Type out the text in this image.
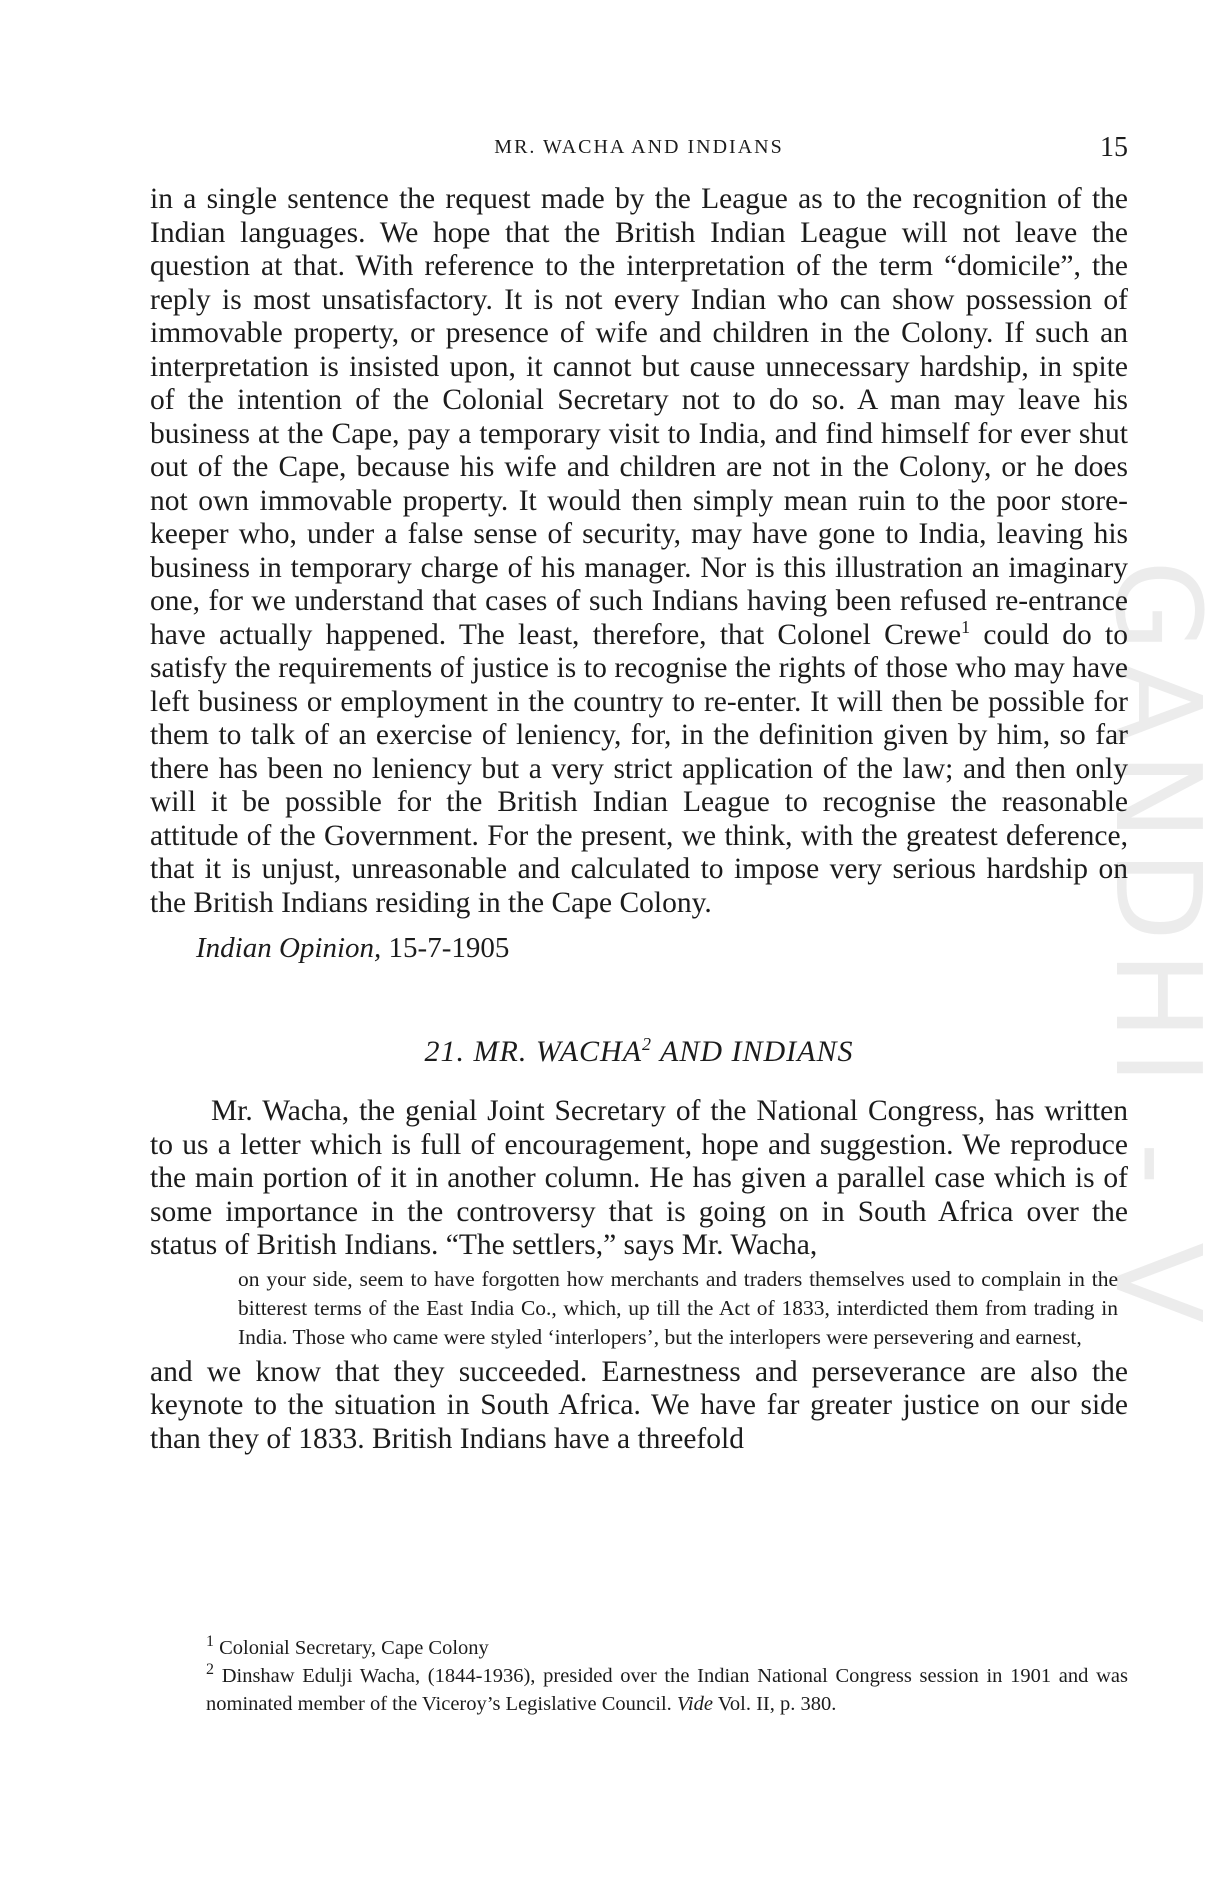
GANDHI - V
MR. WACHA AND INDIANS	15

in a single sentence the request made by the League as to the recognition of the Indian languages. We hope that the British Indian League will not leave the question at that. With reference to the interpretation of the term “domicile”, the reply is most unsatisfactory. It is not every Indian who can show possession of immovable property, or presence of wife and children in the Colony. If such an interpretation is insisted upon, it cannot but cause unnecessary hardship, in spite of the intention of the Colonial Secretary not to do so. A man may leave his business at the Cape, pay a temporary visit to India, and find himself for ever shut out of the Cape, because his wife and children are not in the Colony, or he does not own immovable property. It would then simply mean ruin to the poor store-keeper who, under a false sense of security, may have gone to India, leaving his business in temporary charge of his manager. Nor is this illustration an imaginary one, for we understand that cases of such Indians having been refused re-entrance have actually happened. The least, therefore, that Colonel Crewe$^1$ could do to satisfy the requirements of justice is to recognise the rights of those who may have left business or employment in the country to re-enter. It will then be possible for them to talk of an exercise of leniency, for, in the definition given by him, so far there has been no leniency but a very strict application of the law; and then only will it be possible for the British Indian League to recognise the reasonable attitude of the Government. For the present, we think, with the greatest deference, that it is unjust, unreasonable and calculated to impose very serious hardship on the British Indians residing in the Cape Colony.

Indian Opinion, 15-7-1905
21. MR. WACHA$^2$ AND INDIANS

Mr. Wacha, the genial Joint Secretary of the National Congress, has written to us a letter which is full of encouragement, hope and suggestion. We reproduce the main portion of it in another column. He has given a parallel case which is of some importance in the controversy that is going on in South Africa over the status of British Indians. “The settlers,” says Mr. Wacha,

on your side, seem to have forgotten how merchants and traders themselves used to complain in the bitterest terms of the East India Co., which, up till the Act of 1833, interdicted them from trading in India. Those who came were styled ‘interlopers’, but the interlopers were persevering and earnest,

and we know that they succeeded. Earnestness and perseverance are also the keynote to the situation in South Africa. We have far greater justice on our side than they of 1833. British Indians have a threefold

$^1$ Colonial Secretary, Cape Colony
$^2$ Dinshaw Edulji Wacha, (1844-1936), presided over the Indian National Congress session in 1901 and was nominated member of the Viceroy’s Legislative Council. Vide Vol. II, p. 380.
